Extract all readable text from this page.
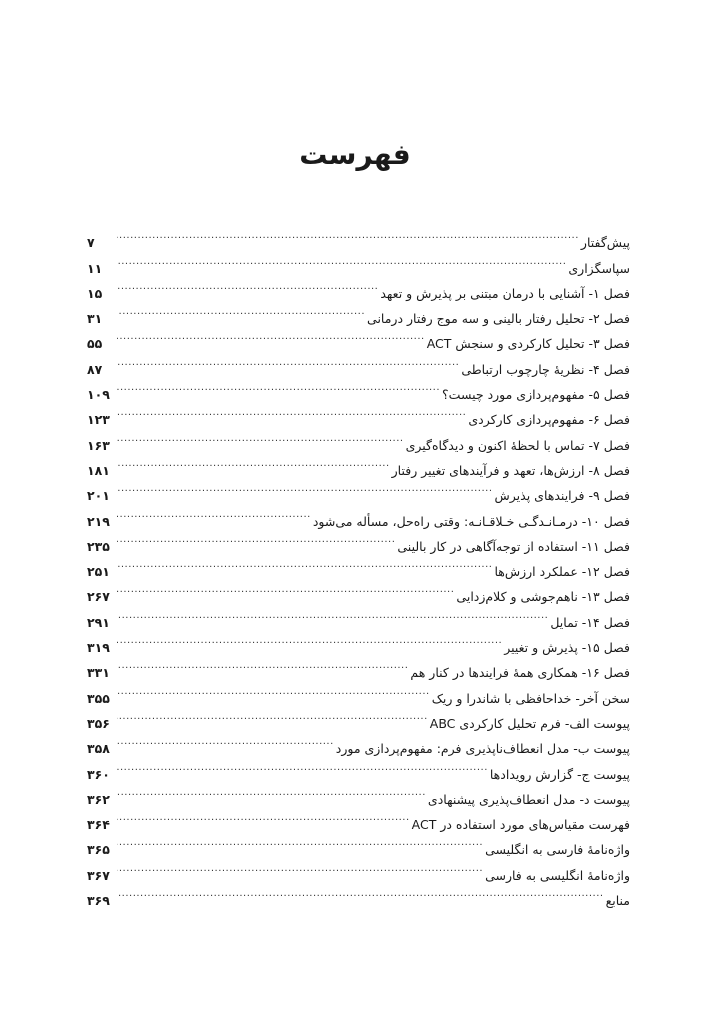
فهرست
پیش‌گفتار
.....
۷
سپاسگزاری
.....
۱۱
فصل ۱- آشنایی با درمان مبتنی بر پذیرش و تعهد
.....
۱۵
فصل ۲- تحلیل رفتار بالینی و سه موج رفتار درمانی
.....
۳۱
فصل ۳- تحلیل کارکردی و سنجش ACT
.....
۵۵
فصل ۴- نظریهٔ چارچوب ارتباطی
.....
۸۷
فصل ۵- مفهوم‌پردازی مورد چیست؟
.....
۱۰۹
فصل ۶- مفهوم‌پردازی کارکردی
.....
۱۲۳
فصل ۷- تماس با لحظهٔ اکنون و دیدگاه‌گیری
.....
۱۶۳
فصل ۸- ارزش‌ها، تعهد و فرآیندهای تغییر رفتار
.....
۱۸۱
فصل ۹- فرایندهای پذیرش
.....
۲۰۱
فصل ۱۰- درمـانـدگـی خـلاقـانـه: وقتی راه‌حل، مسأله می‌شود
.....
۲۱۹
فصل ۱۱- استفاده از توجه‌آگاهی در کار بالینی
.....
۲۳۵
فصل ۱۲- عملکرد ارزش‌ها
.....
۲۵۱
فصل ۱۳- ناهم‌جوشی و کلام‌زدایی
.....
۲۶۷
فصل ۱۴- تمایل
.....
۲۹۱
فصل ۱۵- پذیرش و تغییر
.....
۳۱۹
فصل ۱۶- همکاری همهٔ فرایندها در کنار هم
.....
۳۳۱
سخن آخر- خداحافظی با شاندرا و ریک
.....
۳۵۵
پیوست الف- فرم تحلیل کارکردی ABC
.....
۳۵۶
پیوست ب- مدل انعطاف‌ناپذیری فرم: مفهوم‌پردازی مورد
.....
۳۵۸
پیوست ج- گزارش رویدادها
.....
۳۶۰
پیوست د- مدل انعطاف‌پذیری پیشنهادی
.....
۳۶۲
فهرست مقیاس‌های مورد استفاده در ACT
.....
۳۶۴
واژه‌نامهٔ فارسی به انگلیسی
.....
۳۶۵
واژه‌نامهٔ انگلیسی به فارسی
.....
۳۶۷
منابع
.....
۳۶۹
